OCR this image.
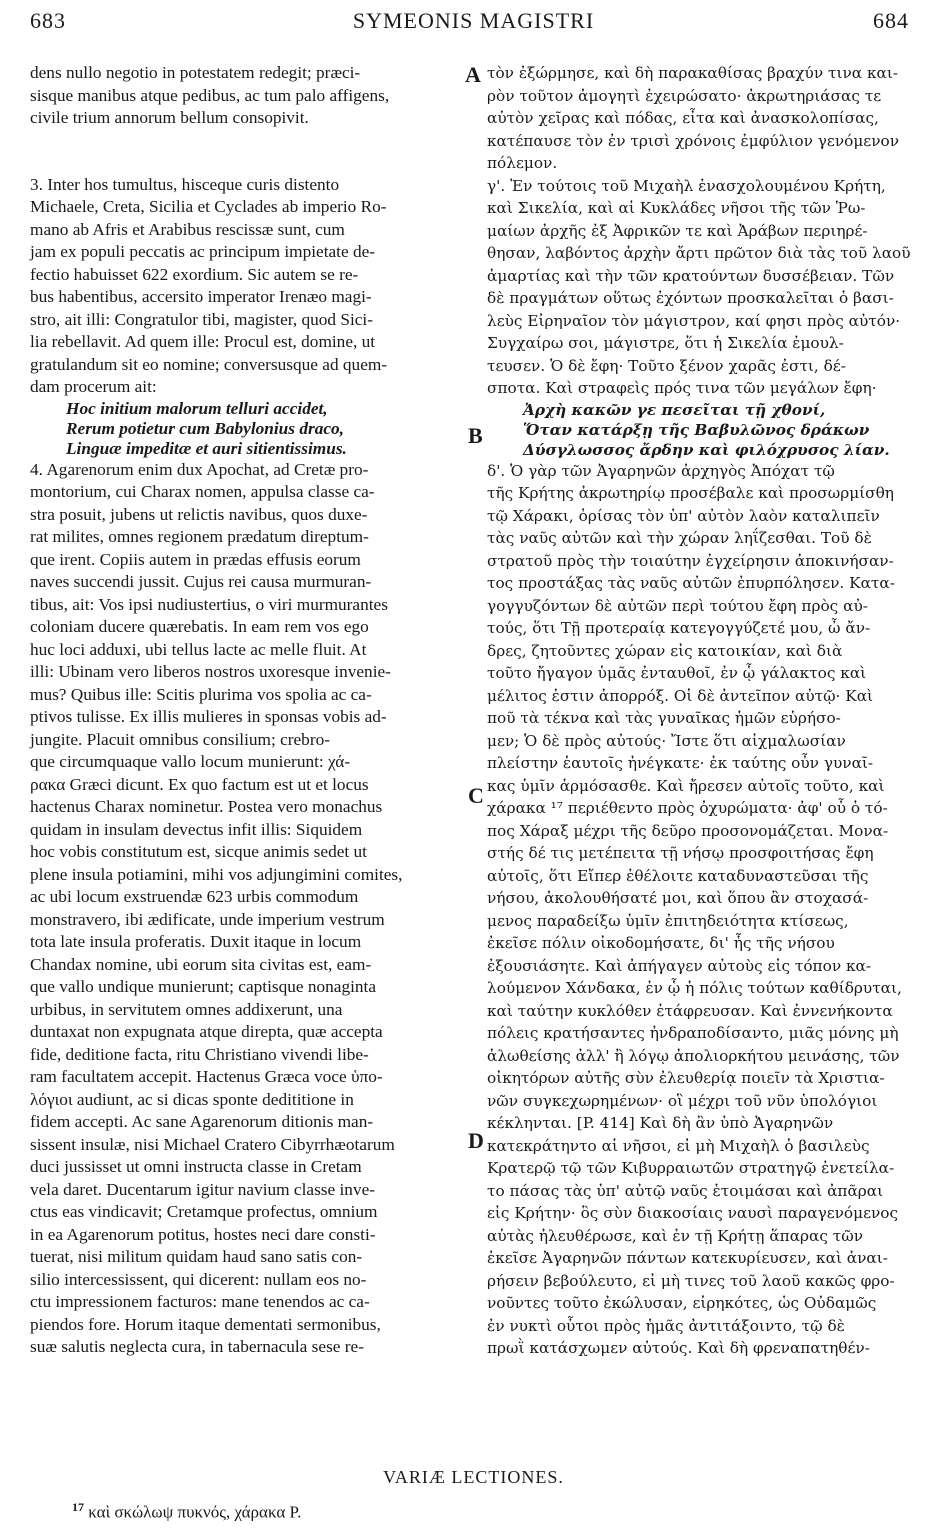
683	SYMEONIS MAGISTRI	684
dens nullo negotio in potestatem redegit; præci-
sisque manibus atque pedibus, ac tum palo affigens,
civile trium annorum bellum consopivit.
3. Inter hos tumultus, hisceque curis distento
Michaele, Creta, Sicilia et Cyclades ab imperio Ro-
mano ab Afris et Arabibus rescissæ sunt, cum
jam ex populi peccatis ac principum impietate de-
fectio habuisset 622 exordium. Sic autem se re-
bus habentibus, accersito imperator Irenæo magi-
stro, ait illi: Congratulor tibi, magister, quod Sici-
lia rebellavit. Ad quem ille: Procul est, domine, ut
gratulandum sit eo nomine; conversusque ad quem-
dam procerum ait:
Hoc initium malorum telluri accidet,
Rerum potietur cum Babylonius draco,
Linguæ impeditæ et auri sitientissimus.
4. Agarenorum enim dux Apochat, ad Cretæ pro-
montorium, cui Charax nomen, appulsa classe ca-
stra posuit, jubens ut relictis navibus, quos duxe-
rat milites, omnes regionem prædatum direptum-
que irent. Copiis autem in prædas effusis eorum
naves succendi jussit. Cujus rei causa murmuran-
tibus, ait: Vos ipsi nudiustertius, o viri murmurantes
coloniam ducere quærebatis. In eam rem vos ego
huc loci adduxi, ubi tellus lacte ac melle fluit. At
illi: Ubinam vero liberos nostros uxoresque invenie-
mus? Quibus ille: Scitis plurima vos spolia ac ca-
ptivos tulisse. Ex illis mulieres in sponsas vobis ad-
jungite. Placuit omnibus consilium; crebro-
que circumquaque vallo locum munierunt: χά-
ρακα Græci dicunt. Ex quo factum est ut et locus
hactenus Charax nominetur. Postea vero monachus
quidam in insulam devectus infit illis: Siquidem
hoc vobis constitutum est, sicque animis sedet ut
plene insula potiamini, mihi vos adjungimini comites,
ac ubi locum exstruendæ 623 urbis commodum
monstravero, ibi ædificate, unde imperium vestrum
tota late insula proferatis. Duxit itaque in locum
Chandax nomine, ubi eorum sita civitas est, eam-
que vallo undique munierunt; captisque nonaginta
urbibus, in servitutem omnes addixerunt, una
duntaxat non expugnata atque direpta, quæ accepta
fide, deditione facta, ritu Christiano vivendi libe-
ram facultatem accepit. Hactenus Græca voce ὑπο-
λόγιοι audiunt, ac si dicas sponte dedititione in
fidem accepti. Ac sane Agarenorum ditionis man-
sissent insulæ, nisi Michael Cratero Cibyrrhæotarum
duci jussisset ut omni instructa classe in Cretam
vela daret. Ducentarum igitur navium classe inve-
ctus eas vindicavit; Cretamque profectus, omnium
in ea Agarenorum potitus, hostes neci dare consti-
tuerat, nisi militum quidam haud sano satis con-
silio intercessissent, qui dicerent: nullam eos no-
ctu impressionem facturos: mane tenendos ac ca-
piendos fore. Horum itaque dementati sermonibus,
suæ salutis neglecta cura, in tabernacula sese re-
τὸν ἐξώρμησε, καὶ δὴ παρακαθίσας βραχύν τινα και-
ρὸν τοῦτον ἀμογητὶ ἐχειρώσατο· ἀκρωτηριάσας τε
αὐτὸν χεῖρας καὶ πόδας, εἶτα καὶ ἀνασκολοπίσας,
κατέπαυσε τὸν ἐν τρισὶ χρόνοις ἐμφύλιον γενόμενον
πόλεμον.
γ'. Ἐν τούτοις τοῦ Μιχαὴλ ἐνασχολουμένου Κρήτη,
καὶ Σικελία, καὶ αἱ Κυκλάδες νῆσοι τῆς τῶν Ῥω-
μαίων ἀρχῆς ἐξ Ἀφρικῶν τε καὶ Ἀράβων περιηρέ-
θησαν, λαβόντος ἀρχὴν ἄρτι πρῶτον διὰ τὰς τοῦ λαοῦ
ἁμαρτίας καὶ τὴν τῶν κρατούντων δυσσέβειαν. Τῶν
δὲ πραγμάτων οὕτως ἐχόντων προσκαλεῖται ὁ βασι-
λεὺς Εἰρηναῖον τὸν μάγιστρον, καί φησι πρὸς αὐτόν·
Συγχαίρω σοι, μάγιστρε, ὅτι ἡ Σικελία ἐμουλ-
τευσεν. Ὁ δὲ ἔφη· Τοῦτο ξένον χαρᾶς ἐστι, δέ-
σποτα. Καὶ στραφεὶς πρός τινα τῶν μεγάλων ἔφη·
Ἀρχὴ κακῶν γε πεσεῖται τῇ χθονί,
Ὅταν κατάρξῃ τῆς Βαβυλῶνος δράκων
Δύσγλωσσος ἄρδην καὶ φιλόχρυσος λίαν.
δ'. Ὁ γὰρ τῶν Ἀγαρηνῶν ἀρχηγὸς Ἀπόχατ τῷ
τῆς Κρήτης ἀκρωτηρίῳ προσέβαλε καὶ προσωρμίσθη
τῷ Χάρακι, ὁρίσας τὸν ὑπ' αὐτὸν λαὸν καταλιπεῖν
τὰς ναῦς αὐτῶν καὶ τὴν χώραν ληΐζεσθαι. Τοῦ δὲ
στρατοῦ πρὸς τὴν τοιαύτην ἐγχείρησιν ἀποκινήσαν-
τος προστάξας τὰς ναῦς αὐτῶν ἐπυρπόλησεν. Κατα-
γογγυζόντων δὲ αὐτῶν περὶ τούτου ἔφη πρὸς αὐ-
τούς, ὅτι Τῇ προτεραίᾳ κατεγογγύζετέ μου, ὦ ἄν-
δρες, ζητοῦντες χώραν εἰς κατοικίαν, καὶ διὰ
τοῦτο ἤγαγον ὑμᾶς ἐνταυθοῖ, ἐν ᾧ γάλακτος καὶ
μέλιτος ἐστιν ἀπορρόξ. Οἱ δὲ ἀντεῖπον αὐτῷ· Καὶ
ποῦ τὰ τέκνα καὶ τὰς γυναῖκας ἡμῶν εὑρήσο-
μεν; Ὁ δὲ πρὸς αὐτούς· Ἴστε ὅτι αἰχμαλωσίαν
πλείστην ἑαυτοῖς ἠνέγκατε· ἐκ ταύτης οὖν γυναῖ-
κας ὑμῖν ἁρμόσασθε. Καὶ ἤρεσεν αὐτοῖς τοῦτο, καὶ
χάρακα ¹⁷ περιέθεντο πρὸς ὀχυρώματα· ἀφ' οὗ ὁ τό-
πος Χάραξ μέχρι τῆς δεῦρο προσονομάζεται. Μονα-
στής δέ τις μετέπειτα τῇ νήσῳ προσφοιτήσας ἔφη
αὐτοῖς, ὅτι Εἴπερ ἐθέλοιτε καταδυναστεῦσαι τῆς
νήσου, ἀκολουθήσατέ μοι, καὶ ὅπου ἂν στοχασά-
μενος παραδείξω ὑμῖν ἐπιτηδειότητα κτίσεως,
ἐκεῖσε πόλιν οἰκοδομήσατε, δι' ἧς τῆς νήσου
ἐξουσιάσητε. Καὶ ἀπήγαγεν αὐτοὺς εἰς τόπον κα-
λούμενον Χάνδακα, ἐν ᾧ ἡ πόλις τούτων καθίδρυται,
καὶ ταύτην κυκλόθεν ἐτάφρευσαν. Καὶ ἐννενήκοντα
πόλεις κρατήσαντες ἠνδραποδίσαντο, μιᾶς μόνης μὴ
ἁλωθείσης ἀλλ' ἢ λόγῳ ἀπολιορκήτου μεινάσης, τῶν
οἰκητόρων αὐτῆς σὺν ἐλευθερίᾳ ποιεῖν τὰ Χριστια-
νῶν συγκεχωρημένων· οἳ μέχρι τοῦ νῦν ὑπολόγιοι
κέκληνται. [P. 414] Καὶ δὴ ἂν ὑπὸ Ἀγαρηνῶν
κατεκράτηντο αἱ νῆσοι, εἰ μὴ Μιχαὴλ ὁ βασιλεὺς
Κρατερῷ τῷ τῶν Κιβυρραιωτῶν στρατηγῷ ἐνετείλα-
το πάσας τὰς ὑπ' αὐτῷ ναῦς ἑτοιμάσαι καὶ ἀπᾶραι
εἰς Κρήτην· ὃς σὺν διακοσίαις ναυσὶ παραγενόμενος
αὐτὰς ἠλευθέρωσε, καὶ ἐν τῇ Κρήτῃ ἅπαρας τῶν
ἐκεῖσε Ἀγαρηνῶν πάντων κατεκυρίευσεν, καὶ ἀναι-
ρήσειν βεβούλευτο, εἰ μὴ τινες τοῦ λαοῦ κακῶς φρο-
νοῦντες τοῦτο ἐκώλυσαν, εἰρηκότες, ὡς Οὐδαμῶς
ἐν νυκτὶ οὗτοι πρὸς ἡμᾶς ἀντιτάξοιντο, τῷ δὲ
πρωῒ κατάσχωμεν αὐτούς. Καὶ δὴ φρεναπατηθέν-
A
B
C
D
VARIÆ LECTIONES.
$^{17}$ καὶ σκώλωψ πυκνός, χάρακα P.
